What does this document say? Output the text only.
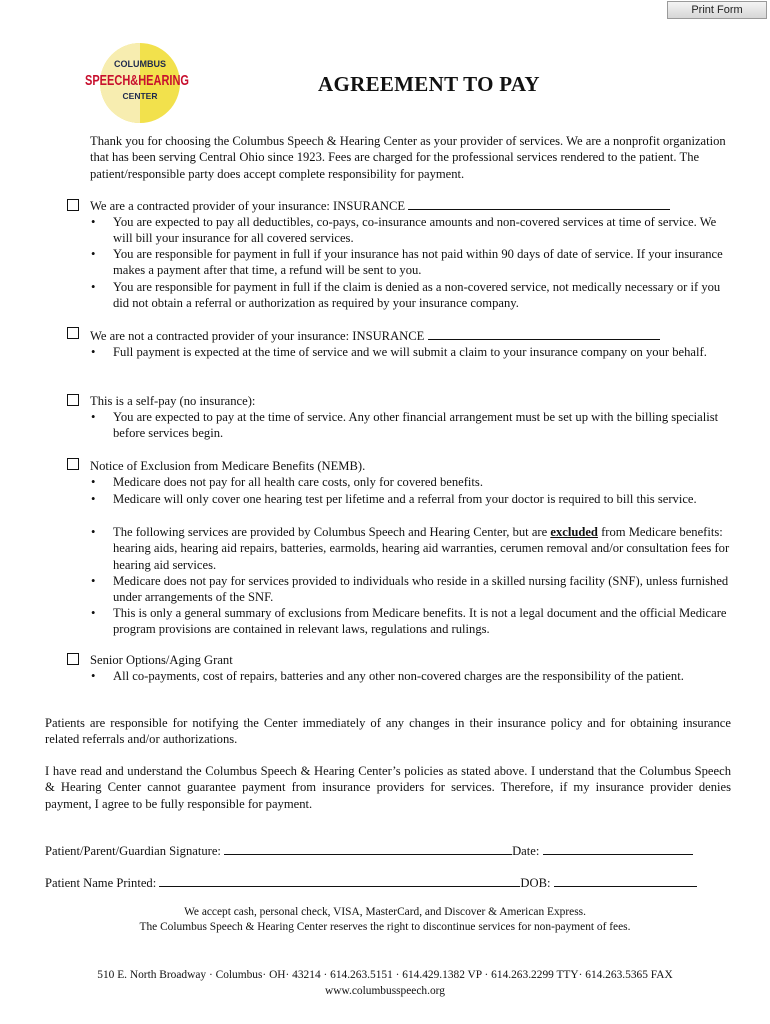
Print Form
COLUMBUS
SPEECH&HEARING
CENTER	AGREEMENT TO PAY

Thank you for choosing the Columbus Speech & Hearing Center as your provider of services. We are a nonprofit organization that has been serving Central Ohio since 1923. Fees are charged for the professional services rendered to the patient. The patient/responsible party does accept complete responsibility for payment.

We are a contracted provider of your insurance: INSURANCE
• You are expected to pay all deductibles, co-pays, co-insurance amounts and non-covered services at time of service. We will bill your insurance for all covered services.
• You are responsible for payment in full if your insurance has not paid within 90 days of date of service. If your insurance makes a payment after that time, a refund will be sent to you.
• You are responsible for payment in full if the claim is denied as a non-covered service, not medically necessary or if you did not obtain a referral or authorization as required by your insurance company.
We are not a contracted provider of your insurance: INSURANCE
• Full payment is expected at the time of service and we will submit a claim to your insurance company on your behalf.
This is a self-pay (no insurance):
• You are expected to pay at the time of service. Any other financial arrangement must be set up with the billing specialist before services begin.
Notice of Exclusion from Medicare Benefits (NEMB).
• Medicare does not pay for all health care costs, only for covered benefits.
• Medicare will only cover one hearing test per lifetime and a referral from your doctor is required to bill this service.
• The following services are provided by Columbus Speech and Hearing Center, but are excluded from Medicare benefits: hearing aids, hearing aid repairs, batteries, earmolds, hearing aid warranties, cerumen removal and/or consultation fees for hearing aid services.
• Medicare does not pay for services provided to individuals who reside in a skilled nursing facility (SNF), unless furnished under arrangements of the SNF.
• This is only a general summary of exclusions from Medicare benefits. It is not a legal document and the official Medicare program provisions are contained in relevant laws, regulations and rulings.
Senior Options/Aging Grant
• All co-payments, cost of repairs, batteries and any other non-covered charges are the responsibility of the patient.

Patients are responsible for notifying the Center immediately of any changes in their insurance policy and for obtaining insurance related referrals and/or authorizations.

I have read and understand the Columbus Speech & Hearing Center’s policies as stated above. I understand that the Columbus Speech & Hearing Center cannot guarantee payment from insurance providers for services. Therefore, if my insurance provider denies payment, I agree to be fully responsible for payment.

Patient/Parent/Guardian Signature:	Date:
Patient Name Printed:	DOB:
We accept cash, personal check, VISA, MasterCard, and Discover & American Express.
The Columbus Speech & Hearing Center reserves the right to discontinue services for non-payment of fees.
510 E. North Broadway · Columbus· OH· 43214 · 614.263.5151 · 614.429.1382 VP · 614.263.2299 TTY· 614.263.5365 FAX
www.columbusspeech.org
